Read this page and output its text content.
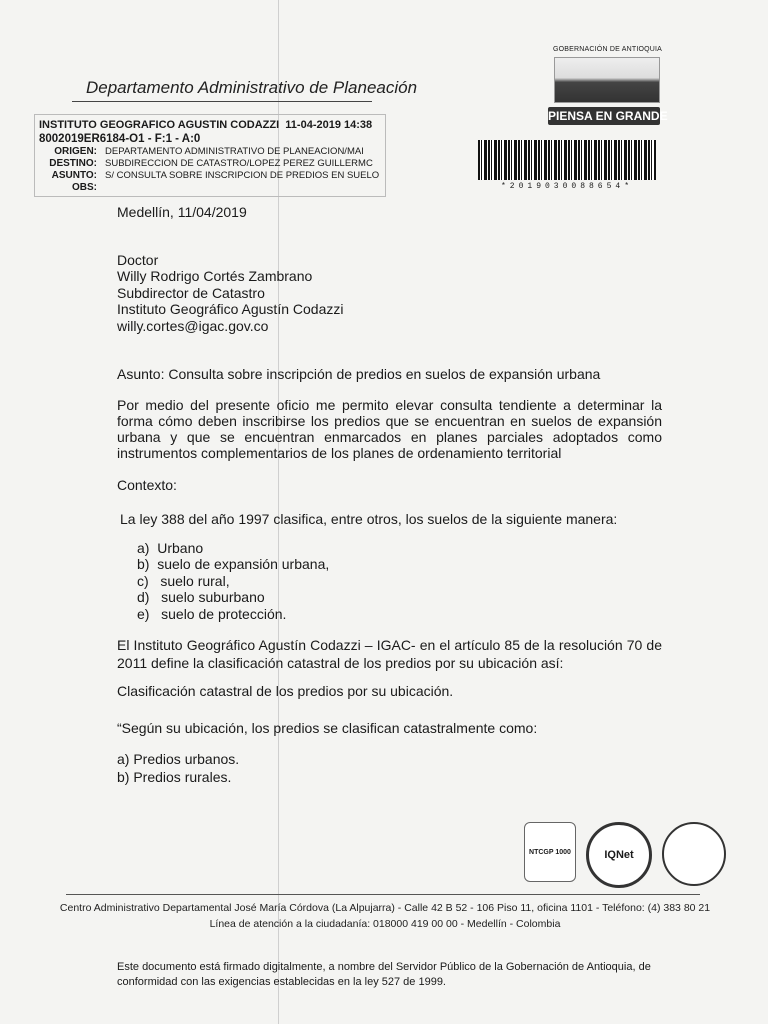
Departamento Administrativo de Planeación
INSTITUTO GEOGRAFICO AGUSTIN CODAZZI 11-04-2019 14:38
8002019ER6184-O1 - F:1 - A:0
ORIGEN: DEPARTAMENTO ADMINISTRATIVO DE PLANEACION/MAI
DESTINO: SUBDIRECCION DE CATASTRO/LOPEZ PEREZ GUILLERMC
ASUNTO: S/ CONSULTA SOBRE INSCRIPCION DE PREDIOS EN SUELO
OBS:
GOBERNACIÓN DE ANTIOQUIA
PIENSA EN GRANDE
*2019030088654*
Medellín, 11/04/2019
Doctor
Willy Rodrigo Cortés Zambrano
Subdirector de Catastro
Instituto Geográfico Agustín Codazzi
willy.cortes@igac.gov.co
Asunto: Consulta sobre inscripción de predios en suelos de expansión urbana
Por medio del presente oficio me permito elevar consulta tendiente a determinar la forma cómo deben inscribirse los predios que se encuentran en suelos de expansión urbana y que se encuentran enmarcados en planes parciales adoptados como instrumentos complementarios de los planes de ordenamiento territorial
Contexto:
La ley 388 del año 1997 clasifica, entre otros, los suelos de la siguiente manera:
a)  Urbano
b)  suelo de expansión urbana,
c)   suelo rural,
d)   suelo suburbano
e)   suelo de protección.
El Instituto Geográfico Agustín Codazzi – IGAC- en el artículo 85 de la resolución 70 de 2011 define la clasificación catastral de los predios por su ubicación así:
Clasificación catastral de los predios por su ubicación.
“Según su ubicación, los predios se clasifican catastralmente como:
a) Predios urbanos.
b) Predios rurales.
NTCGP 1000	IQNet
Centro Administrativo Departamental José María Córdova (La Alpujarra) - Calle 42 B 52 - 106 Piso 11, oficina 1101 - Teléfono: (4) 383 80 21
Línea de atención a la ciudadanía: 018000 419 00 00 - Medellín - Colombia
Este documento está firmado digitalmente, a nombre del Servidor Público de la Gobernación de Antioquia, de conformidad con las exigencias establecidas en la ley 527 de 1999.
